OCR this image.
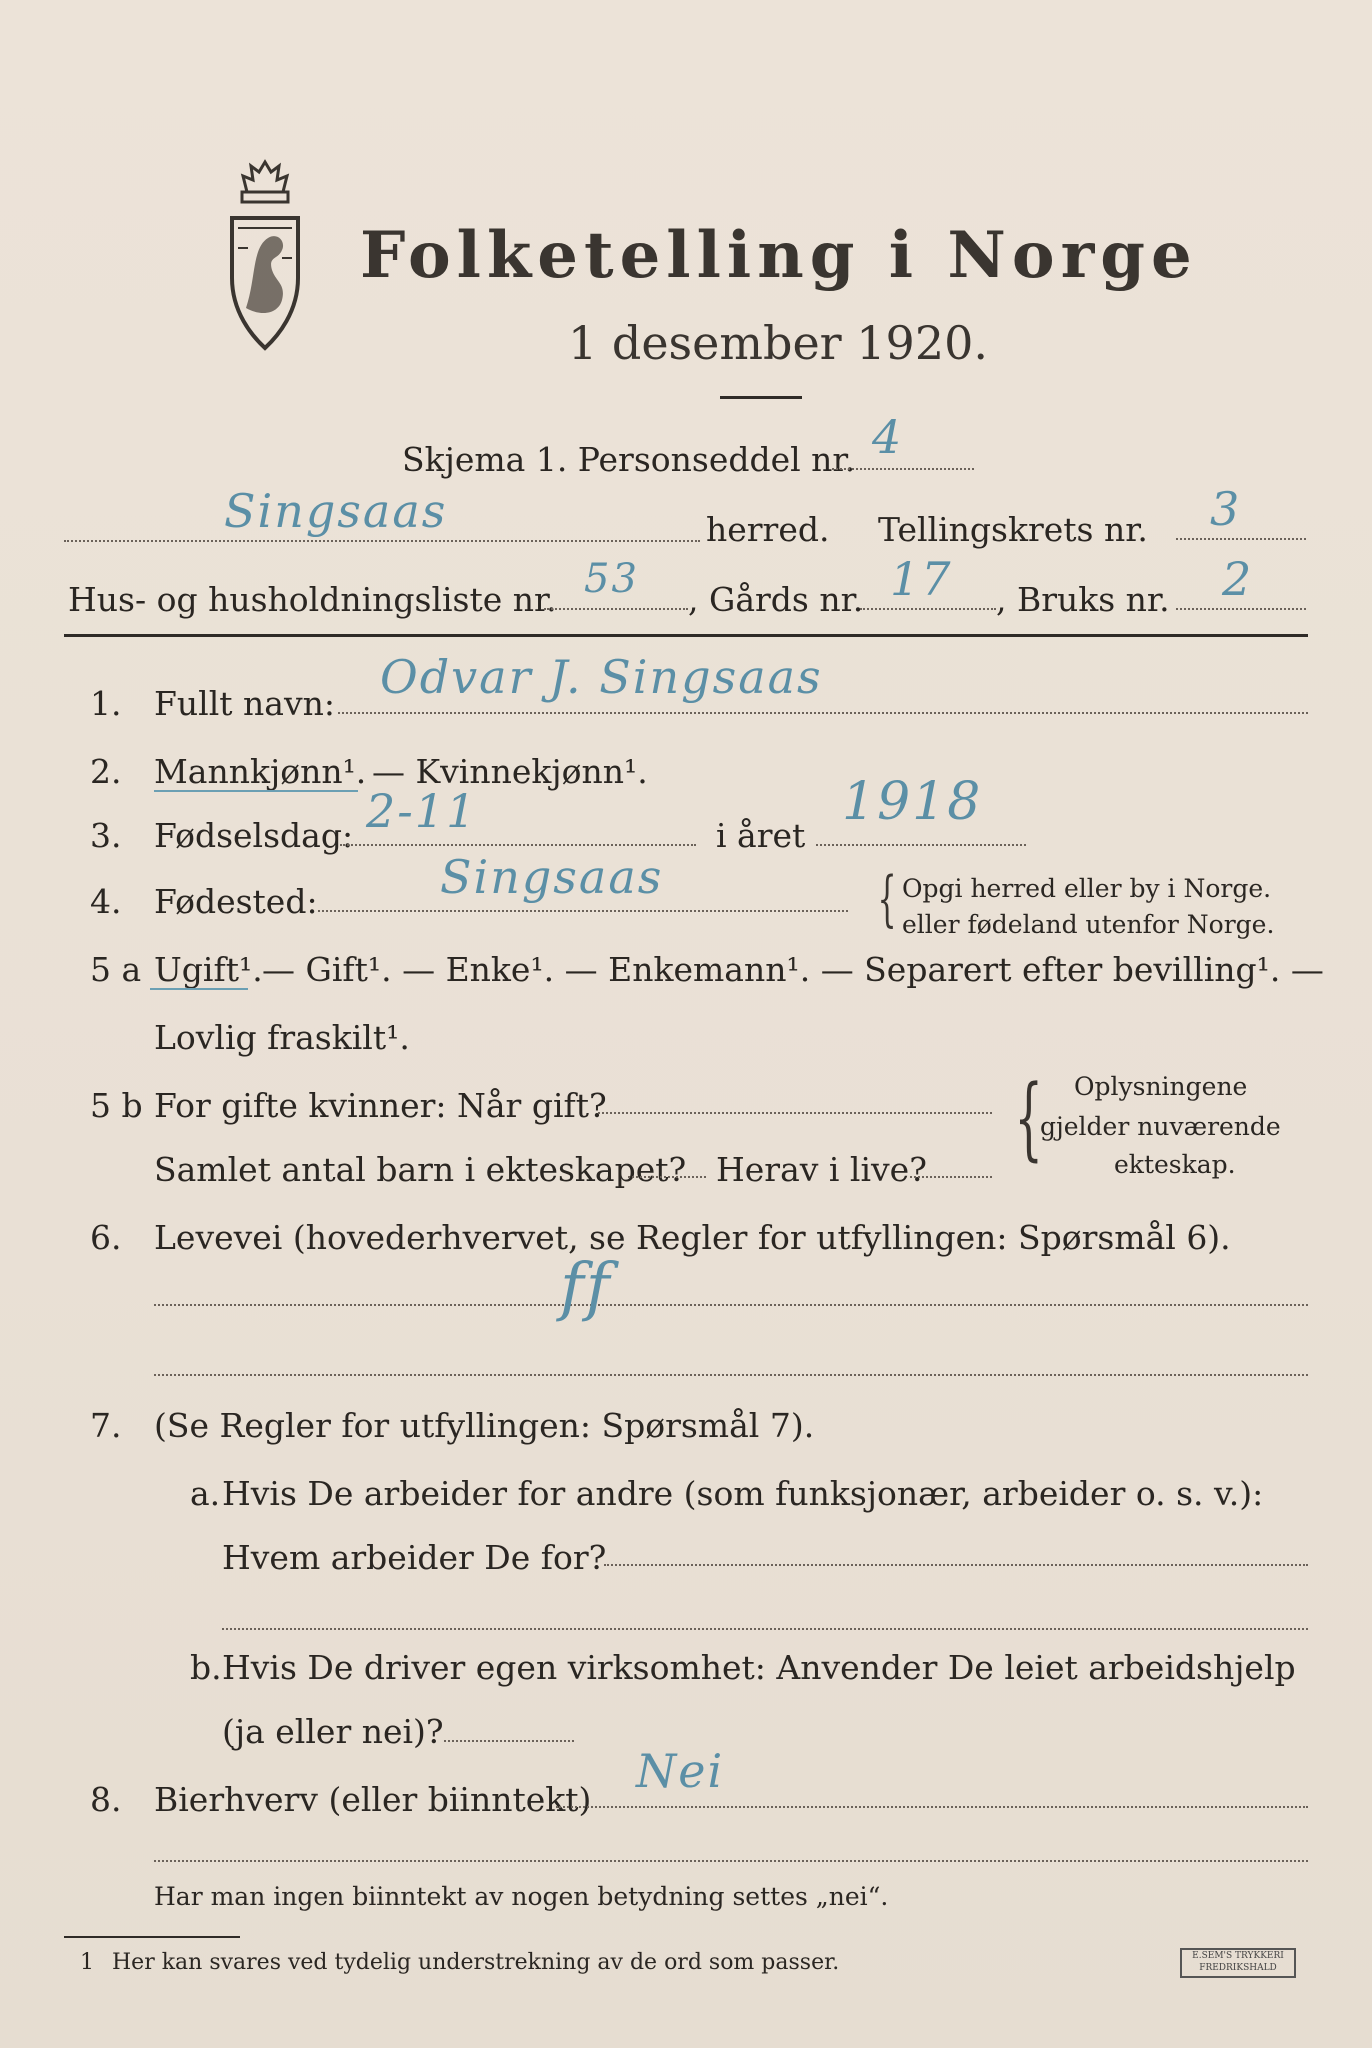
Folketelling i Norge
1 desember 1920.
Skjema 1. Personseddel nr. 4
Singsaas	herred. Tellingskrets nr. 3
Hus- og husholdningsliste nr. 53 , Gårds nr. 17 , Bruks nr. 2
1. Fullt navn: Odvar J. Singsaas
2. Mannkjønn¹. — Kvinnekjønn¹.
3. Fødselsdag: 2-11	i året
1918
4. Fødested:	Singsaas	{ Opgi herred eller by i Norge.
eller fødeland utenfor Norge.
5 a Ugift¹. — Gift¹. — Enke¹. — Enkemann¹. — Separert efter bevilling¹. —
Lovlig fraskilt¹.
5 b For gifte kvinner: Når gift?
Samlet antal barn i ekteskapet? Herav i live? { Oplysningene
gjelder nuværende
ekteskap.
6. Levevei (hovederhvervet, se Regler for utfyllingen: Spørsmål 6).
ff
7. (Se Regler for utfyllingen: Spørsmål 7).
a. Hvis De arbeider for andre (som funksjonær, arbeider o. s. v.):
Hvem arbeider De for?
b. Hvis De driver egen virksomhet: Anvender De leiet arbeidshjelp
(ja eller nei)?
8. Bierhverv (eller biinntekt)
Nei
Har man ingen biinntekt av nogen betydning settes „nei“.
1 Her kan svares ved tydelig understrekning av de ord som passer.	E.SEM'S TRYKKERI
FREDRIKSHALD
